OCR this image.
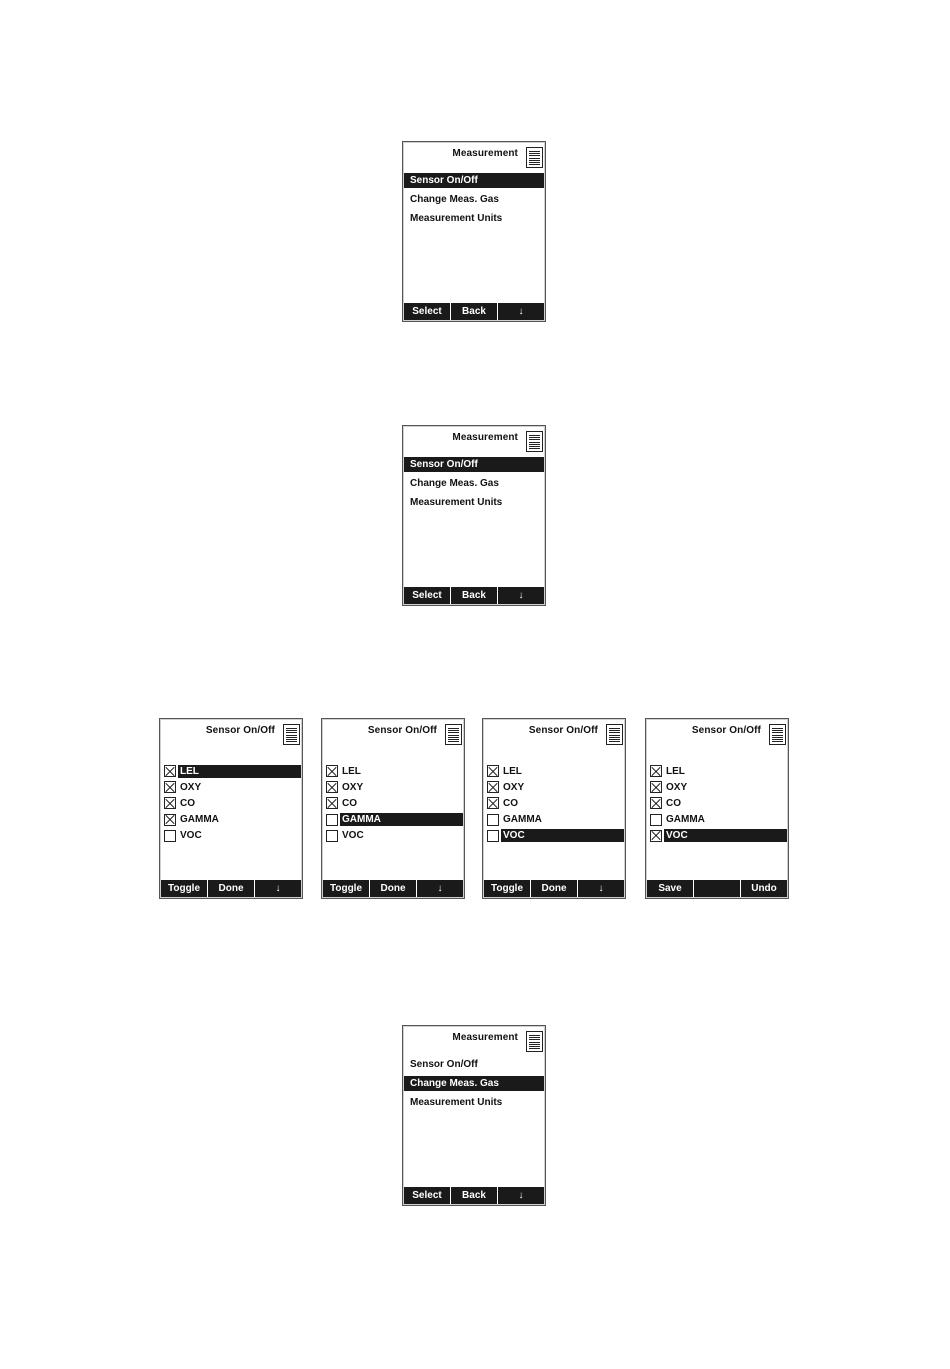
Measurement
Sensor On/Off
Change Meas. Gas
Measurement Units
Select	Back	↓
Measurement
Sensor On/Off
Change Meas. Gas
Measurement Units
Select	Back	↓
Measurement
Sensor On/Off
Change Meas. Gas
Measurement Units
Select	Back	↓
Sensor On/Off
LEL
OXY
CO
GAMMA
VOC
Toggle	Done	↓
Sensor On/Off
LEL
OXY
CO
GAMMA
VOC
Toggle	Done	↓
Sensor On/Off
LEL
OXY
CO
GAMMA
VOC
Toggle	Done	↓
Sensor On/Off
LEL
OXY
CO
GAMMA
VOC
Save	Undo
